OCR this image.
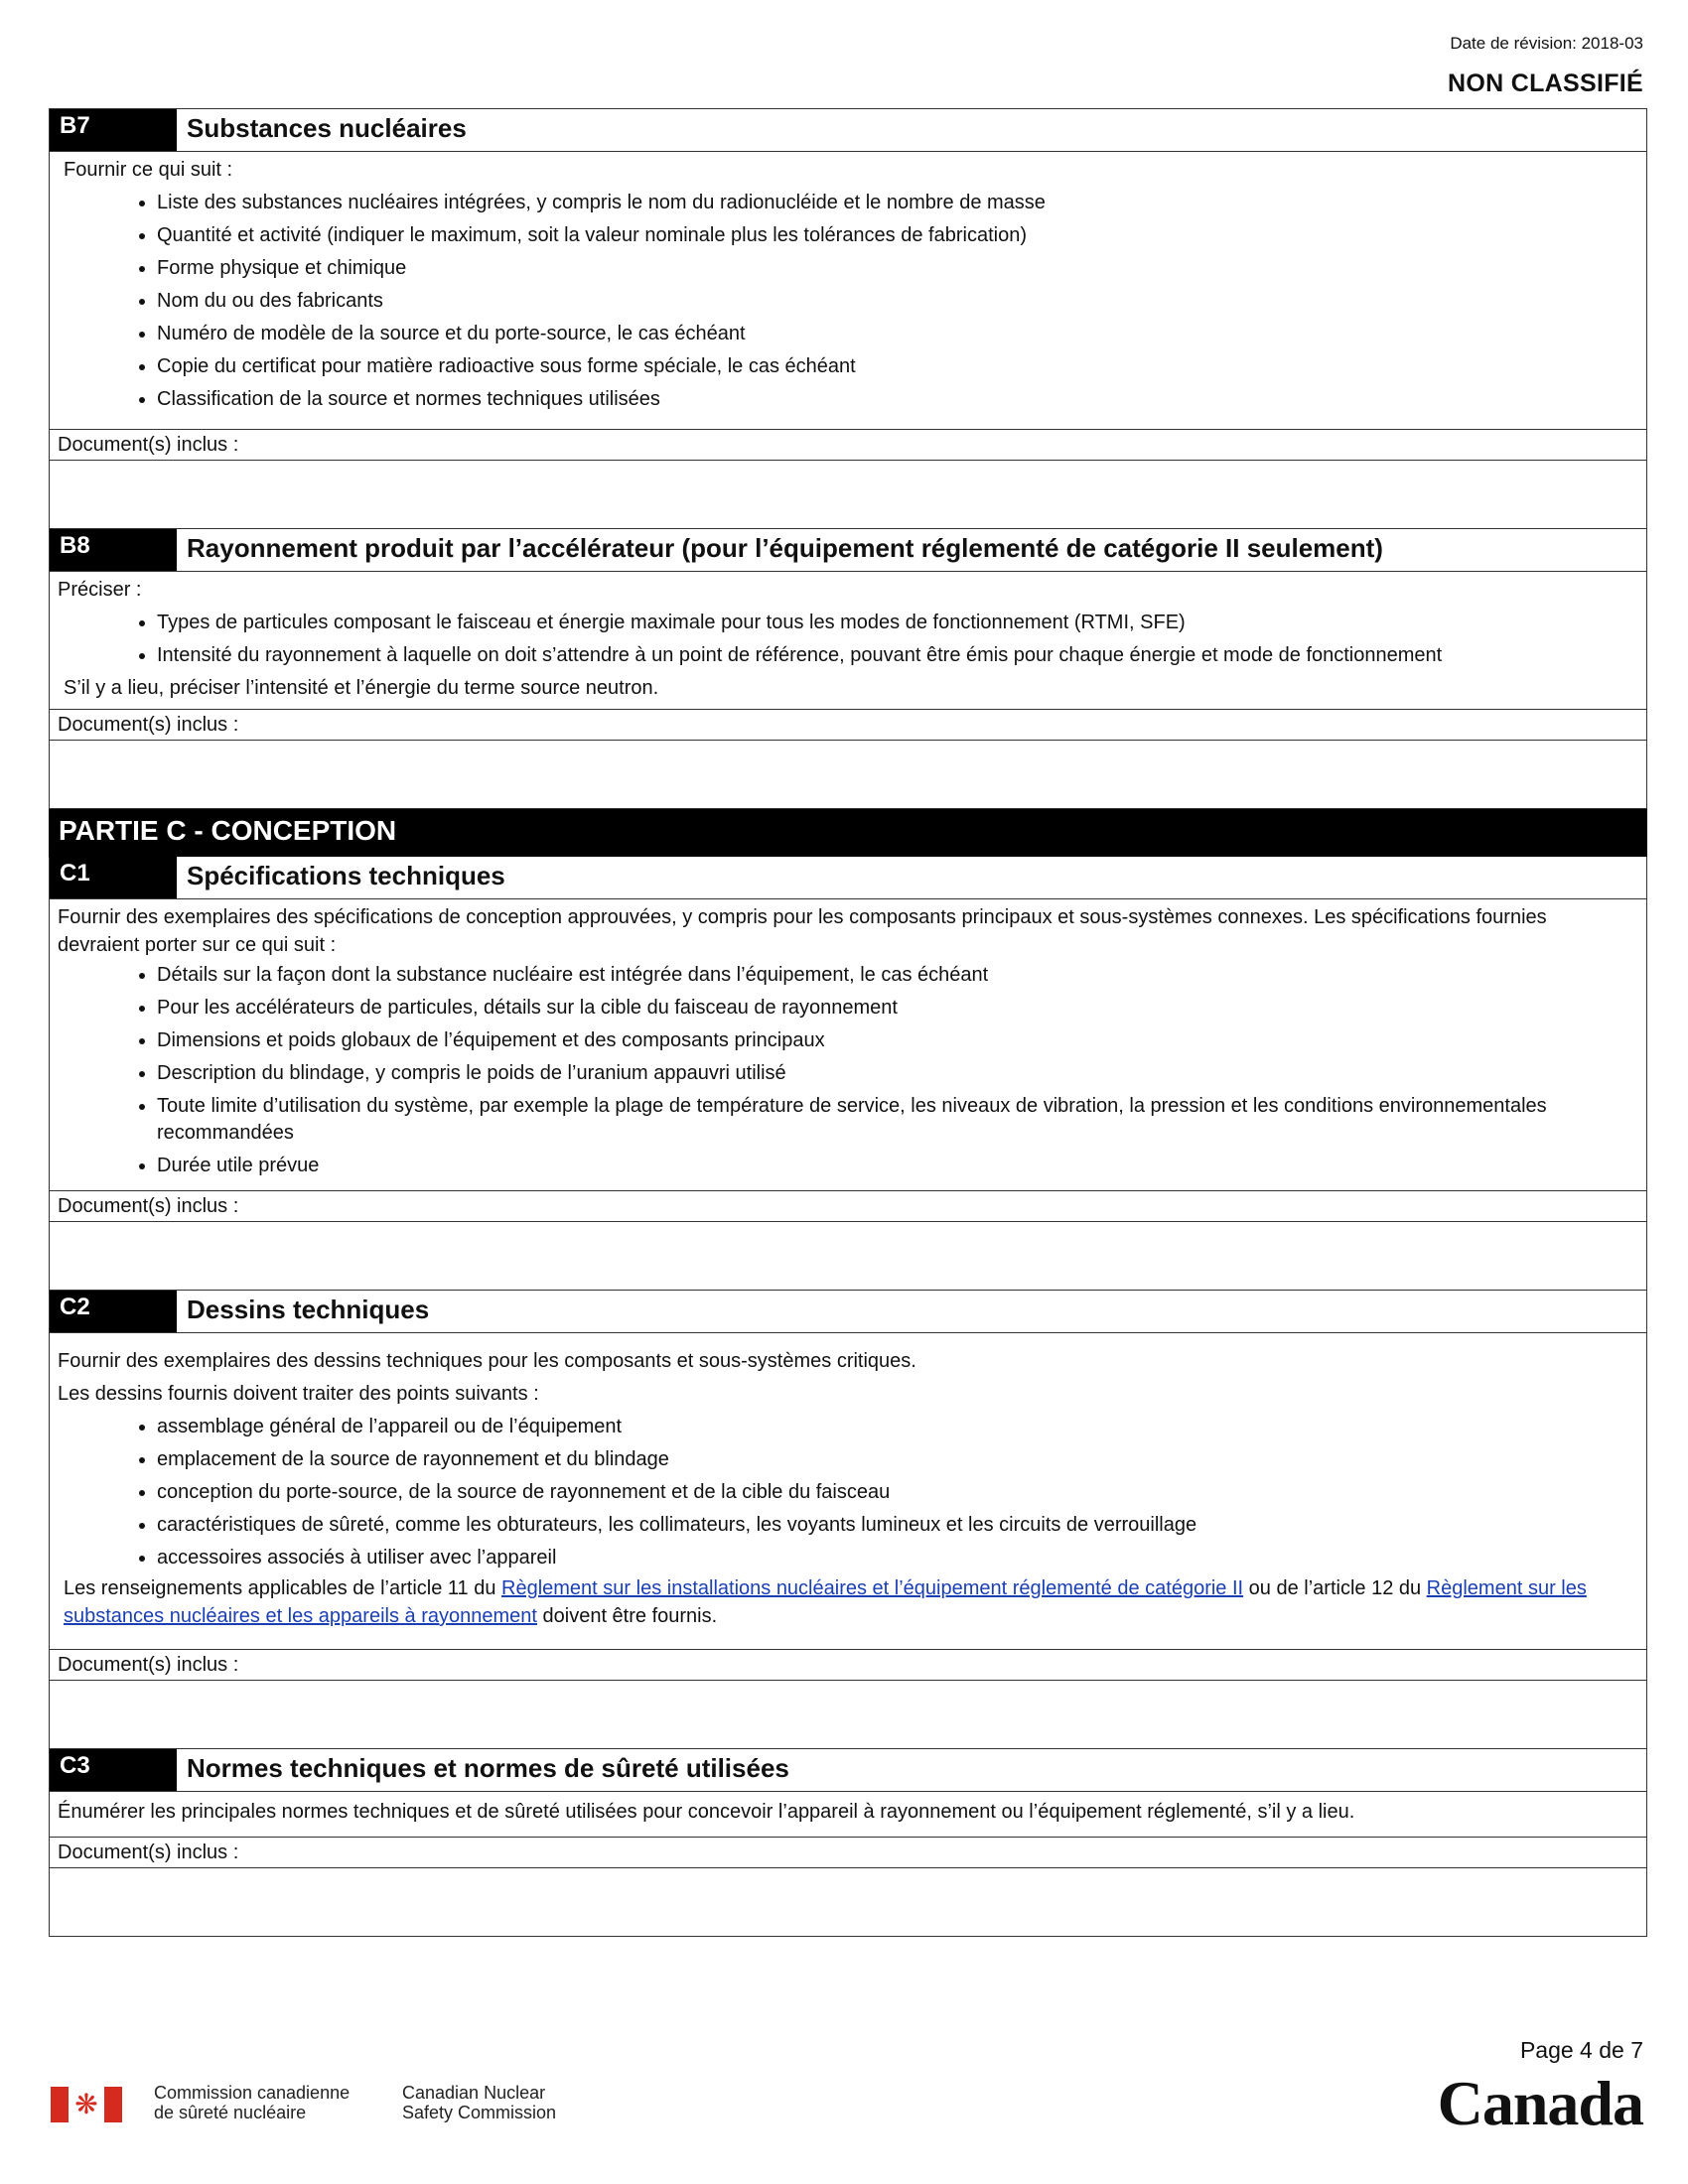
Date de révision: 2018-03
NON CLASSIFIÉ
B7	Substances nucléaires

Fournir ce qui suit :

• Liste des substances nucléaires intégrées, y compris le nom du radionucléide et le nombre de masse
• Quantité et activité (indiquer le maximum, soit la valeur nominale plus les tolérances de fabrication)
• Forme physique et chimique
• Nom du ou des fabricants
• Numéro de modèle de la source et du porte-source, le cas échéant
• Copie du certificat pour matière radioactive sous forme spéciale, le cas échéant
• Classification de la source et normes techniques utilisées
Document(s) inclus :
B8	Rayonnement produit par l’accélérateur (pour l’équipement réglementé de catégorie II seulement)

Préciser :

• Types de particules composant le faisceau et énergie maximale pour tous les modes de fonctionnement (RTMI, SFE)
• Intensité du rayonnement à laquelle on doit s’attendre à un point de référence, pouvant être émis pour chaque énergie et mode de fonctionnement

S’il y a lieu, préciser l’intensité et l’énergie du terme source neutron.

Document(s) inclus :
PARTIE C - CONCEPTION
C1	Spécifications techniques

Fournir des exemplaires des spécifications de conception approuvées, y compris pour les composants principaux et sous-systèmes connexes. Les spécifications fournies devraient porter sur ce qui suit :

• Détails sur la façon dont la substance nucléaire est intégrée dans l’équipement, le cas échéant
• Pour les accélérateurs de particules, détails sur la cible du faisceau de rayonnement
• Dimensions et poids globaux de l’équipement et des composants principaux
• Description du blindage, y compris le poids de l’uranium appauvri utilisé
• Toute limite d’utilisation du système, par exemple la plage de température de service, les niveaux de vibration, la pression et les conditions environnementales recommandées
• Durée utile prévue
Document(s) inclus :
C2	Dessins techniques

Fournir des exemplaires des dessins techniques pour les composants et sous-systèmes critiques.

Les dessins fournis doivent traiter des points suivants :

• assemblage général de l’appareil ou de l’équipement
• emplacement de la source de rayonnement et du blindage
• conception du porte-source, de la source de rayonnement et de la cible du faisceau
• caractéristiques de sûreté, comme les obturateurs, les collimateurs, les voyants lumineux et les circuits de verrouillage
• accessoires associés à utiliser avec l’appareil

Les renseignements applicables de l’article 11 du Règlement sur les installations nucléaires et l’équipement réglementé de catégorie II ou de l’article 12 du Règlement sur les substances nucléaires et les appareils à rayonnement doivent être fournis.

Document(s) inclus :
C3	Normes techniques et normes de sûreté utilisées

Énumérer les principales normes techniques et de sûreté utilisées pour concevoir l’appareil à rayonnement ou l’équipement réglementé, s’il y a lieu.

Document(s) inclus :
Page 4 de 7
❋	Commission canadienne
de sûreté nucléaire
Canadian Nuclear
Safety Commission	Canada
